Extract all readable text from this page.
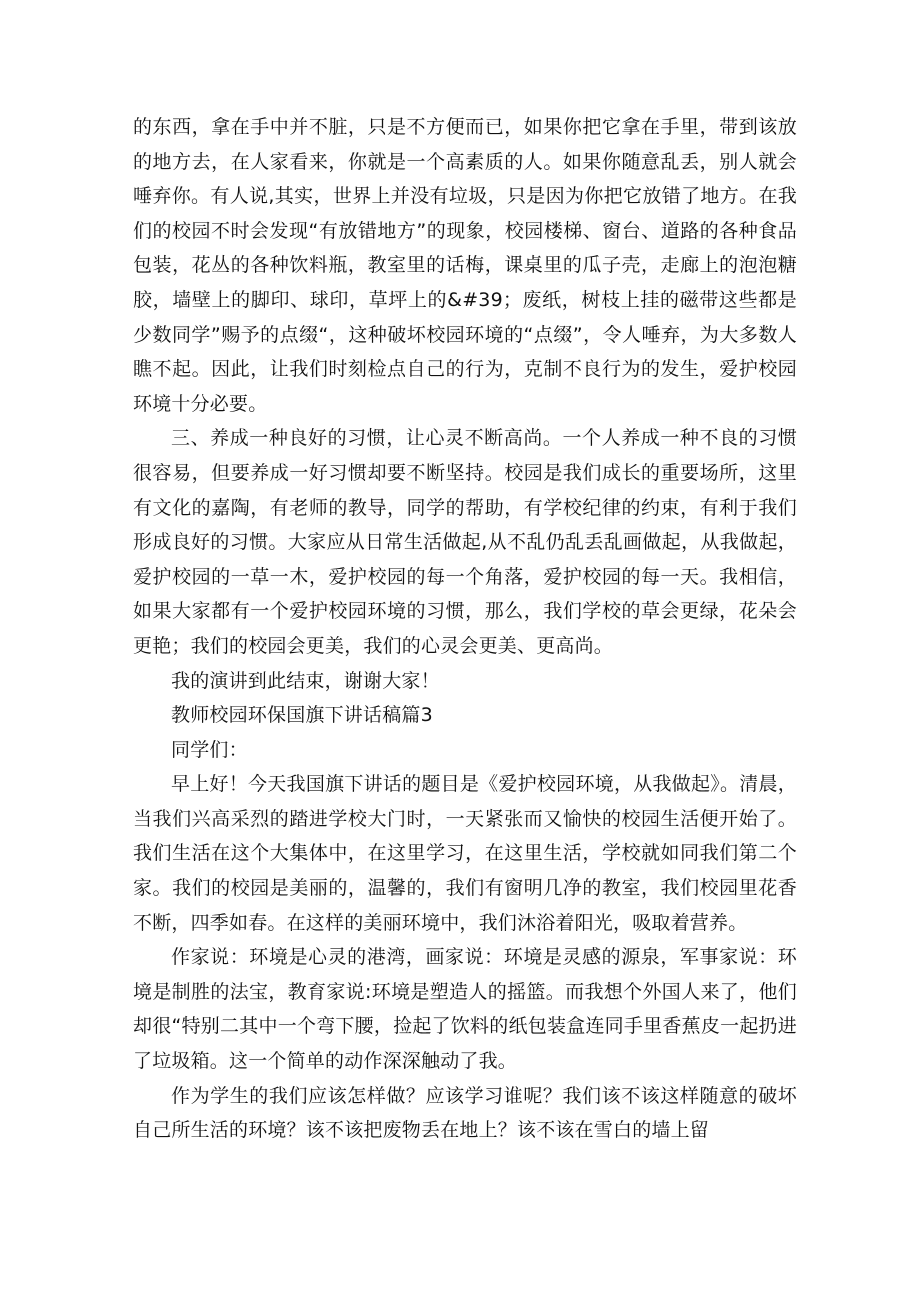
的东西，拿在手中并不脏，只是不方便而已，如果你把它拿在手里，带到该放的地方去，在人家看来，你就是一个高素质的人。如果你随意乱丢，别人就会唾弃你。有人说,其实，世界上并没有垃圾，只是因为你把它放错了地方。在我们的校园不时会发现“有放错地方”的现象，校园楼梯、窗台、道路的各种食品包装，花丛的各种饮料瓶，教室里的话梅，课桌里的瓜子壳，走廊上的泡泡糖胶，墙壁上的脚印、球印，草坪上的&#39；废纸，树枝上挂的磁带这些都是少数同学”赐予的点缀“，这种破坏校园环境的“点缀”，令人唾弃，为大多数人瞧不起。因此，让我们时刻检点自己的行为，克制不良行为的发生，爱护校园环境十分必要。

三、养成一种良好的习惯，让心灵不断高尚。一个人养成一种不良的习惯很容易，但要养成一好习惯却要不断坚持。校园是我们成长的重要场所，这里有文化的嘉陶，有老师的教导，同学的帮助，有学校纪律的约束，有利于我们形成良好的习惯。大家应从日常生活做起,从不乱仍乱丢乱画做起，从我做起，爱护校园的一草一木，爱护校园的每一个角落，爱护校园的每一天。我相信，如果大家都有一个爱护校园环境的习惯，那么，我们学校的草会更绿，花朵会更艳；我们的校园会更美，我们的心灵会更美、更高尚。

我的演讲到此结束，谢谢大家！

教师校园环保国旗下讲话稿篇3

同学们：

早上好！今天我国旗下讲话的题目是《爱护校园环境，从我做起》。清晨，当我们兴高采烈的踏进学校大门时，一天紧张而又愉快的校园生活便开始了。我们生活在这个大集体中，在这里学习，在这里生活，学校就如同我们第二个家。我们的校园是美丽的，温馨的，我们有窗明几净的教室，我们校园里花香不断，四季如春。在这样的美丽环境中，我们沐浴着阳光，吸取着营养。

作家说：环境是心灵的港湾，画家说：环境是灵感的源泉，军事家说：环境是制胜的法宝，教育家说:环境是塑造人的摇篮。而我想个外国人来了，他们却很“特别二其中一个弯下腰，捡起了饮料的纸包装盒连同手里香蕉皮一起扔进了垃圾箱。这一个简单的动作深深触动了我。

作为学生的我们应该怎样做？应该学习谁呢？我们该不该这样随意的破坏自己所生活的环境？该不该把废物丢在地上？该不该在雪白的墙上留
